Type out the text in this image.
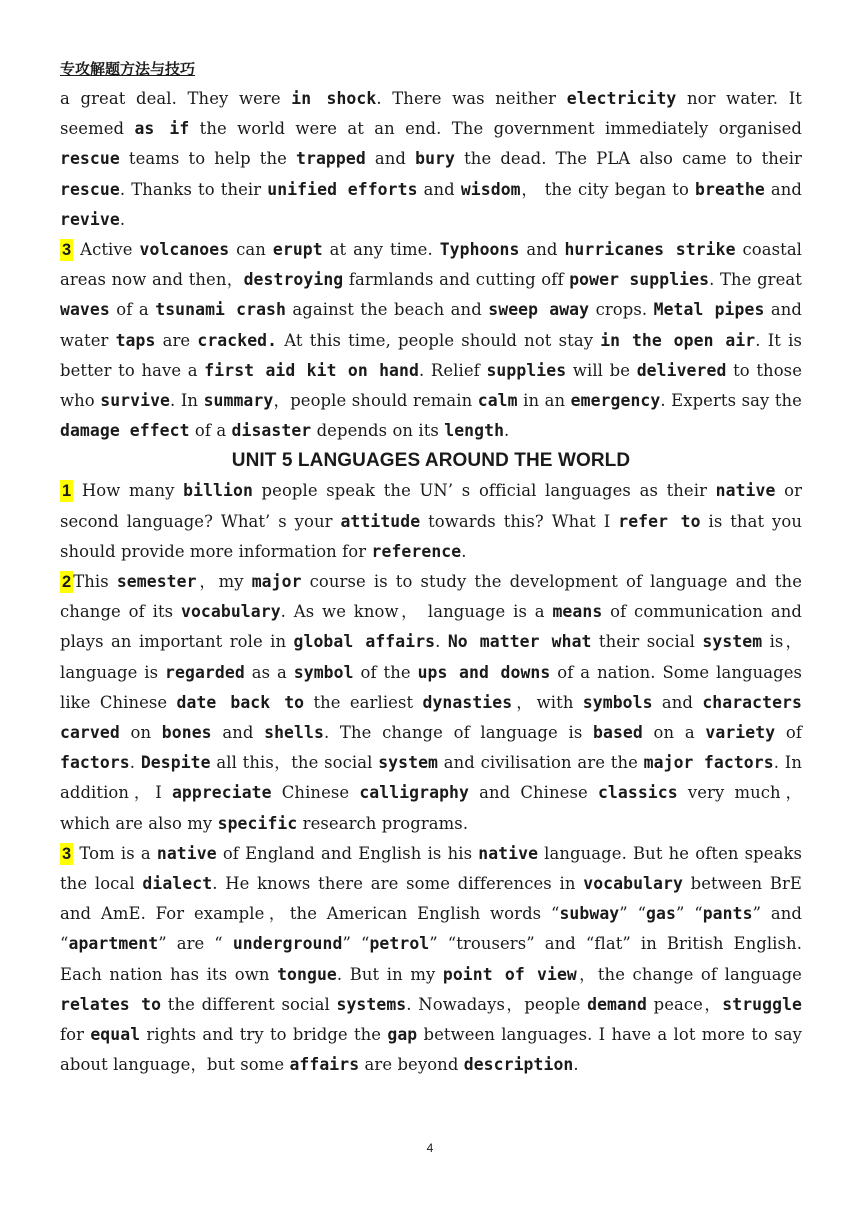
专攻解题方法与技巧

a great deal. They were in shock. There was neither electricity nor water. It seemed as if the world were at an end. The government immediately organised rescue teams to help the trapped and bury the dead. The PLA also came to their rescue. Thanks to their unified efforts and wisdom， the city began to breathe and revive.

3 Active volcanoes can erupt at any time. Typhoons and hurricanes strike coastal areas now and then，destroying farmlands and cutting off power supplies. The great waves of a tsunami crash against the beach and sweep away crops. Metal pipes and water taps are cracked. At this time, people should not stay in the open air. It is better to have a first aid kit on hand. Relief supplies will be delivered to those who survive. In summary，people should remain calm in an emergency. Experts say the damage effect of a disaster depends on its length.

UNIT 5 LANGUAGES AROUND THE WORLD

1 How many billion people speak the UN’ s official languages as their native or second language? What’ s your attitude towards this? What I refer to is that you should provide more information for reference.

2 This semester，my major course is to study the development of language and the change of its vocabulary. As we know， language is a means of communication and plays an important role in global affairs. No matter what their social system is，language is regarded as a symbol of the ups and downs of a nation. Some languages like Chinese date back to the earliest dynasties，with symbols and characters carved on bones and shells. The change of language is based on a variety of factors. Despite all this，the social system and civilisation are the major factors. In addition，I appreciate Chinese calligraphy and Chinese classics very much， which are also my specific research programs.

3 Tom is a native of England and English is his native language. But he often speaks the local dialect. He knows there are some differences in vocabulary between BrE and AmE. For example，the American English words “subway” “gas” “pants” and “apartment” are “ underground” “petrol” “trousers” and “flat” in British English. Each nation has its own tongue. But in my point of view，the change of language relates to the different social systems. Nowadays，people demand peace，struggle for equal rights and try to bridge the gap between languages. I have a lot more to say about language，but some affairs are beyond description.

4
